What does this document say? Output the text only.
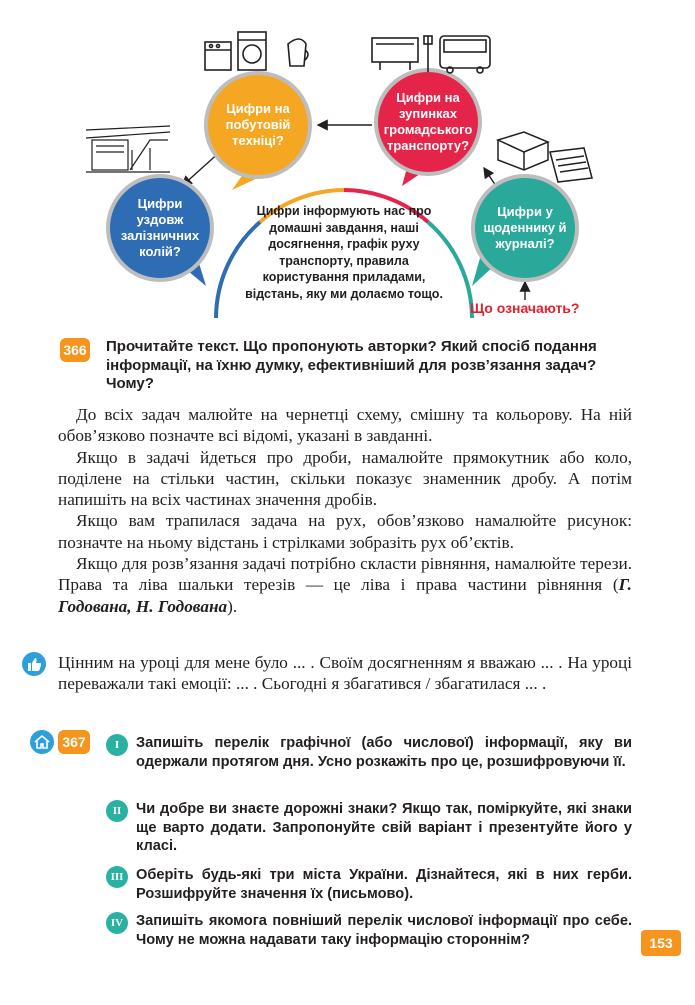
Цифри на побутовій техніці?
Цифри на зупинках громадського транспорту?
Цифри уздовж залізничних колій?
Цифри у щоденнику й журналі?
Цифри інформують нас про домашні завдання, наші досягнення, графік руху транспорту, правила користування приладами, відстань, яку ми долаємо тощо.
Що означають?
366 Прочитайте текст. Що пропонують авторки? Який спосіб подання інформації, на їхню думку, ефективніший для розв’язання задач? Чому?

До всіх задач малюйте на чернетці схему, смішну та кольорову. На ній обов’язково позначте всі відомі, указані в завданні.

Якщо в задачі йдеться про дроби, намалюйте прямокутник або коло, поділене на стільки частин, скільки показує знаменник дробу. А потім напишіть на всіх частинах значення дробів.

Якщо вам трапилася задача на рух, обов’язково намалюйте рисунок: позначте на ньому відстань і стрілками зобразіть рух об’єктів.

Якщо для розв’язання задачі потрібно скласти рівняння, намалюйте терези. Права та ліва шальки терезів — це ліва і права частини рівняння (Г. Годована, Н. Годована).

Цінним на уроці для мене було ... . Своїм досягненням я вважаю ... . На уроці переважали такі емоції: ... . Сьогодні я збагатився / збагатилася ... .
367	I	Запишіть перелік графічної (або числової) інформації, яку ви одержали протягом дня. Усно розкажіть про це, розшифровуючи її.
II	Чи добре ви знаєте дорожні знаки? Якщо так, поміркуйте, які знаки ще варто додати. Запропонуйте свій варіант і презентуйте його у класі.
III Оберіть будь-які три міста України. Дізнайтеся, які в них герби. Розшифруйте значення їх (письмово).
IV Запишіть якомога повніший перелік числової інформації про себе. Чому не можна надавати таку інформацію стороннім?	153
